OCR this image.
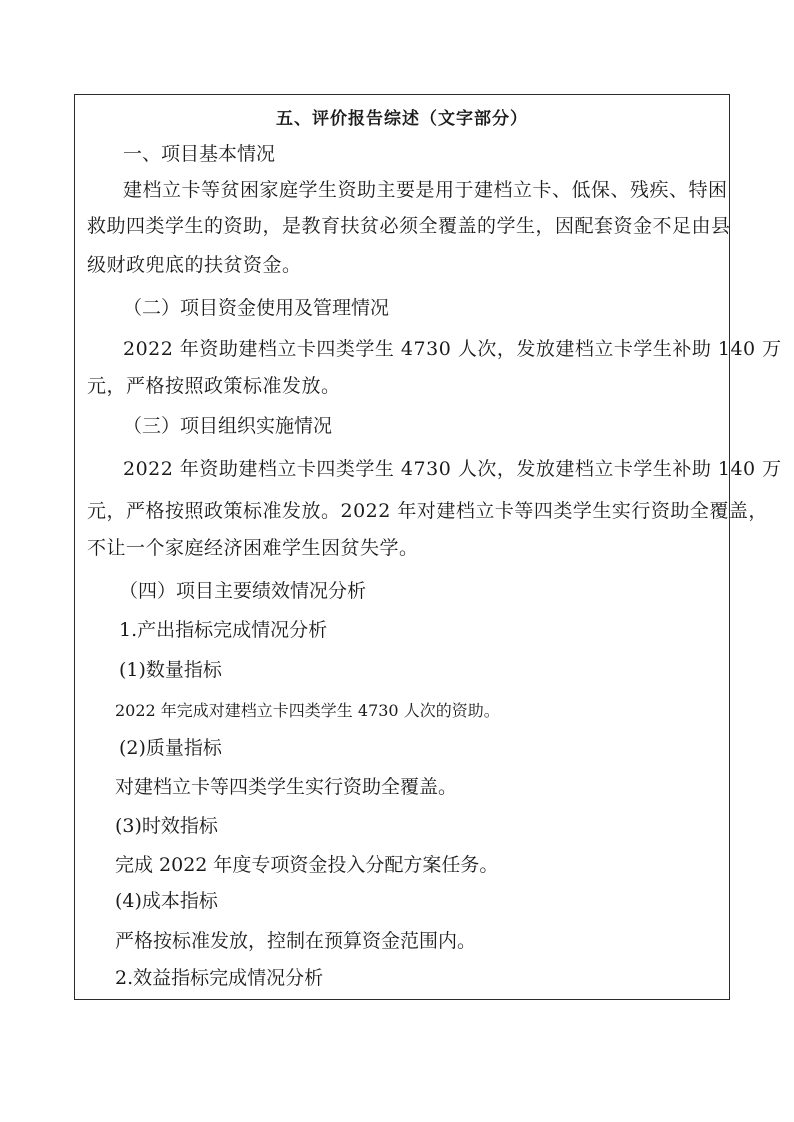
五、评价报告综述（文字部分）
一、项目基本情况
建档立卡等贫困家庭学生资助主要是用于建档立卡、低保、残疾、特困
救助四类学生的资助，是教育扶贫必须全覆盖的学生，因配套资金不足由县
级财政兜底的扶贫资金。
（二）项目资金使用及管理情况
2022 年资助建档立卡四类学生 4730 人次，发放建档立卡学生补助 140 万
元，严格按照政策标准发放。
（三）项目组织实施情况
2022 年资助建档立卡四类学生 4730 人次，发放建档立卡学生补助 140 万
元，严格按照政策标准发放。2022 年对建档立卡等四类学生实行资助全覆盖，
不让一个家庭经济困难学生因贫失学。
（四）项目主要绩效情况分析
1.产出指标完成情况分析
(1)数量指标
2022 年完成对建档立卡四类学生 4730 人次的资助。
(2)质量指标
对建档立卡等四类学生实行资助全覆盖。
(3)时效指标
完成 2022 年度专项资金投入分配方案任务。
(4)成本指标
严格按标准发放，控制在预算资金范围内。
2.效益指标完成情况分析
